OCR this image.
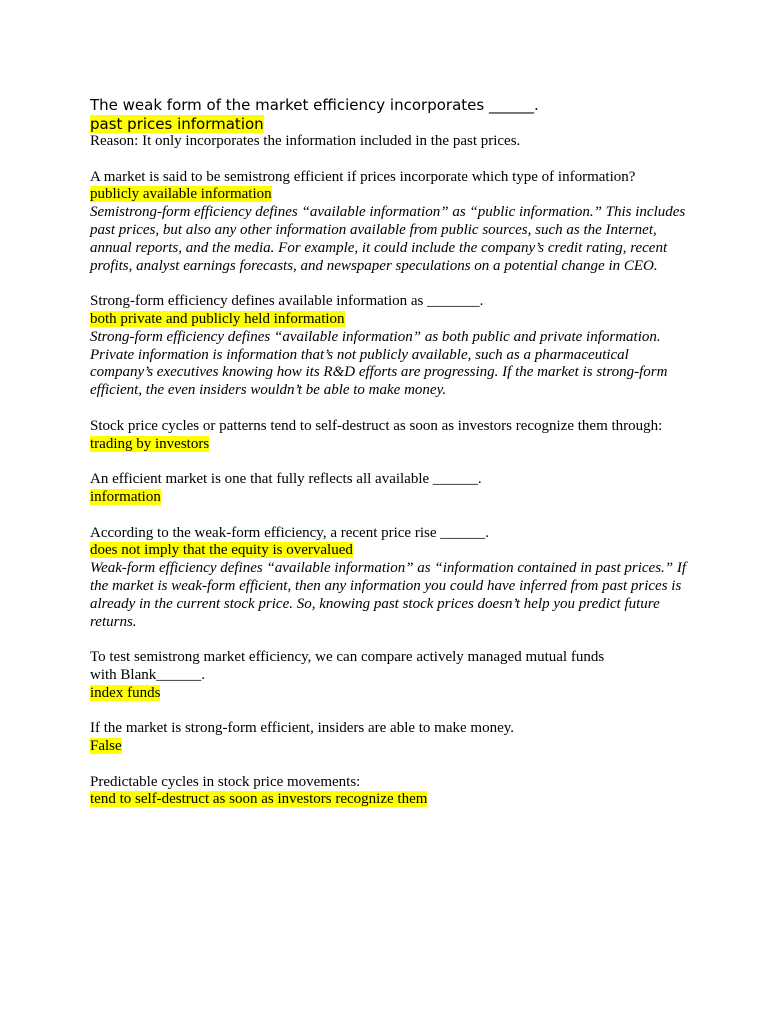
The weak form of the market efficiency incorporates ______.

past prices information

Reason: It only incorporates the information included in the past prices.

A market is said to be semistrong efficient if prices incorporate which type of information?

publicly available information

Semistrong-form efficiency defines “available information” as “public information.” This includes past prices, but also any other information available from public sources, such as the Internet, annual reports, and the media. For example, it could include the company’s credit rating, recent profits, analyst earnings forecasts, and newspaper speculations on a potential change in CEO.

Strong-form efficiency defines available information as _______.

both private and publicly held information

Strong-form efficiency defines “available information” as both public and private information. Private information is information that’s not publicly available, such as a pharmaceutical company’s executives knowing how its R&D efforts are progressing. If the market is strong-form efficient, the even insiders wouldn’t be able to make money.

Stock price cycles or patterns tend to self-destruct as soon as investors recognize them through:

trading by investors

An efficient market is one that fully reflects all available ______.

information

According to the weak-form efficiency, a recent price rise ______.

does not imply that the equity is overvalued

Weak-form efficiency defines “available information” as “information contained in past prices.” If the market is weak-form efficient, then any information you could have inferred from past prices is already in the current stock price. So, knowing past stock prices doesn’t help you predict future returns.

To test semistrong market efficiency, we can compare actively managed mutual funds

with Blank______.

index funds

If the market is strong-form efficient, insiders are able to make money.

False

Predictable cycles in stock price movements:

tend to self-destruct as soon as investors recognize them
